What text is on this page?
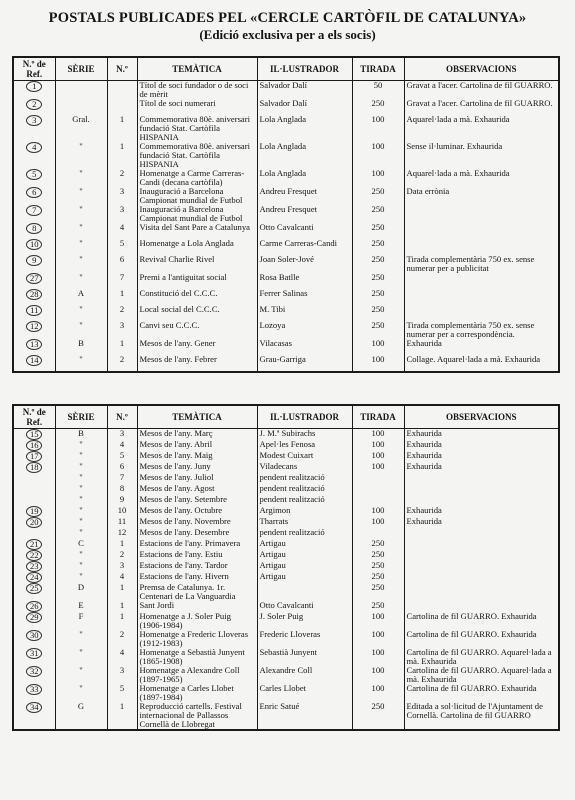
POSTALS PUBLICADES PEL «CERCLE CARTÒFIL DE CATALUNYA»
(Edició exclusiva per a els socis)
N.º de Ref.	SÈRIE	N.º	TEMÀTICA	IL·LUSTRADOR	TIRADA	OBSERVACIONS
1			Títol de soci fundador o de soci de mèrit	Salvador Dalí	50	Gravat a l'acer. Cartolina de fil GUARRO.
2			Títol de soci numerari	Salvador Dalí	250	Gravat a l'acer. Cartolina de fil GUARRO.
3	Gral.	1	Commemorativa 80è. aniversari fundació Stat. Cartòfila HISPANIA	Lola Anglada	100	Aquarel·lada a mà. Exhaurida
4	"	1	Commemorativa 80è. aniversari fundació Stat. Cartòfila HISPANIA	Lola Anglada	100	Sense il·luminar. Exhaurida
5	"	2	Homenatge a Carme Carreras-Candi (decana cartòfila)	Lola Anglada	100	Aquarel·lada a mà. Exhaurida
6	"	3	Inauguració a Barcelona Campionat mundial de Futbol	Andreu Fresquet	250	Data errònia
7	"	3	Inauguració a Barcelona Campionat mundial de Futbol	Andreu Fresquet	250	
8	"	4	Visita del Sant Pare a Catalunya	Otto Cavalcanti	250	
10	"	5	Homenatge a Lola Anglada	Carme Carreras-Candi	250	
9	"	6	Revival Charlie Rivel	Joan Soler-Jové	250	Tirada complementària 750 ex. sense numerar per a publicitat
27	"	7	Premi a l'antiguitat social	Rosa Batlle	250	
28	A	1	Constitució del C.C.C.	Ferrer Salinas	250	
11	"	2	Local social del C.C.C.	M. Tibi	250	
12	"	3	Canvi seu C.C.C.	Lozoya	250	Tirada complementària 750 ex. sense numerar per a correspondència.
13	B	1	Mesos de l'any. Gener	Vilacasas	100	Exhaurida
14	"	2	Mesos de l'any. Febrer	Grau-Garriga	100	Collage. Aquarel·lada a mà. Exhaurida
N.º de Ref.	SÈRIE	N.º	TEMÀTICA	IL·LUSTRADOR	TIRADA	OBSERVACIONS
15	B	3	Mesos de l'any. Març	J. M.ª Subirachs	100	Exhaurida
16	"	4	Mesos de l'any. Abril	Apel·les Fenosa	100	Exhaurida
17	"	5	Mesos de l'any. Maig	Modest Cuixart	100	Exhaurida
18	"	6	Mesos de l'any. Juny	Viladecans	100	Exhaurida
	"	7	Mesos de l'any. Juliol	pendent realització		
	"	8	Mesos de l'any. Agost	pendent realització		
	"	9	Mesos de l'any. Setembre	pendent realització		
19	"	10	Mesos de l'any. Octubre	Argimon	100	Exhaurida
20	"	11	Mesos de l'any. Novembre	Tharrats	100	Exhaurida
	"	12	Mesos de l'any. Desembre	pendent realització		
21	C	1	Estacions de l'any. Primavera	Artigau	250	
22	"	2	Estacions de l'any. Estiu	Artigau	250	
23	"	3	Estacions de l'any. Tardor	Artigau	250	
24	"	4	Estacions de l'any. Hivern	Artigau	250	
25	D	1	Premsa de Catalunya. 1r. Centenari de La Vanguardia		250	
26	E	1	Sant Jordi	Otto Cavalcanti	250	
29	F	1	Homenatge a J. Soler Puig (1906-1984)	J. Soler Puig	100	Cartolina de fil GUARRO. Exhaurida
30	"	2	Homenatge a Frederic Lloveras (1912-1983)	Frederic Lloveras	100	Cartolina de fil GUARRO. Exhaurida
31	"	4	Homenatge a Sebastià Junyent (1865-1908)	Sebastià Junyent	100	Cartolina de fil GUARRO. Aquarel·lada a mà. Exhaurida
32	"	3	Homenatge a Alexandre Coll (1897-1965)	Alexandre Coll	100	Cartolina de fil GUARRO. Aquarel·lada a mà. Exhaurida
33	"	5	Homenatge a Carles Llobet (1897-1984)	Carles Llobet	100	Cartolina de fil GUARRO. Exhaurida
34	G	1	Reproducció cartells. Festival internacional de Pallassos Cornellà de Llobregat	Enric Satué	250	Editada a sol·licitud de l'Ajuntament de Cornellà. Cartolina de fil GUARRO
